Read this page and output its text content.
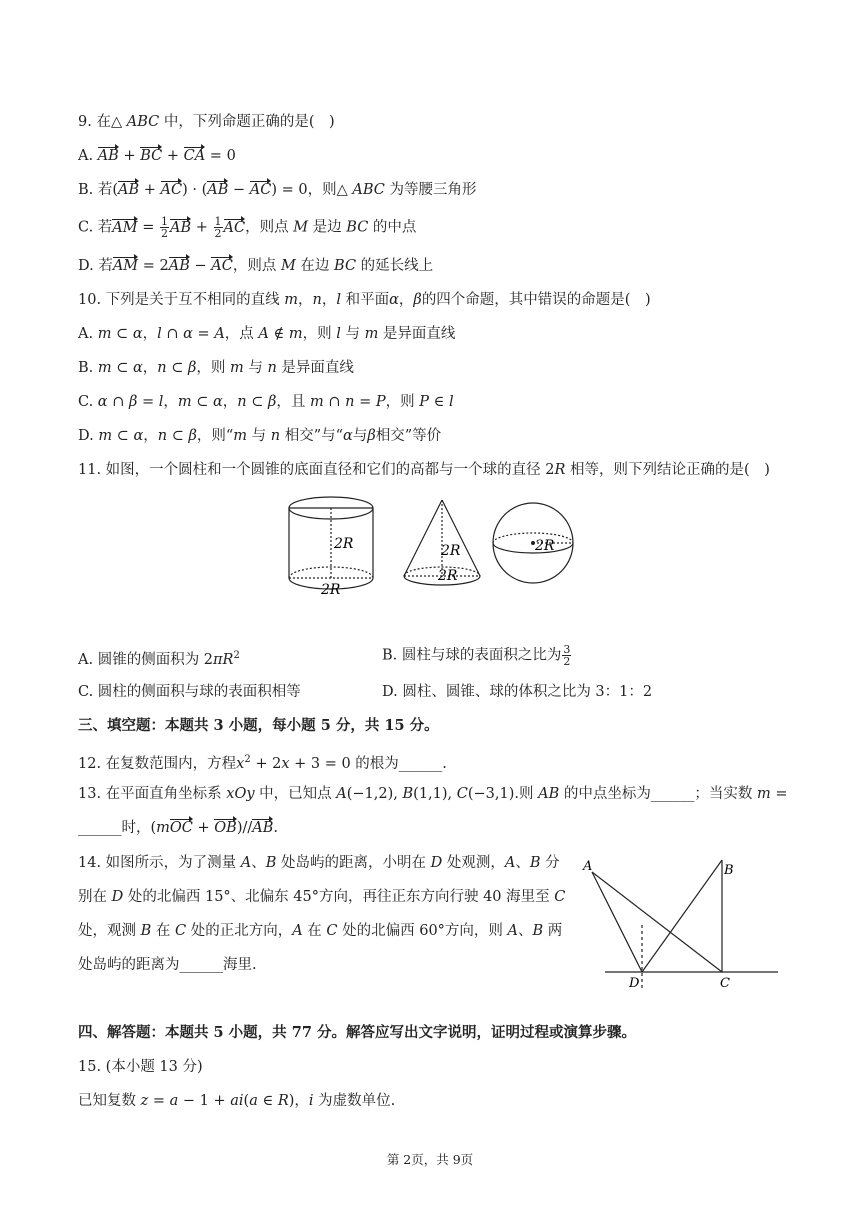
9. 在△ ABC 中，下列命题正确的是(　)
A. AB + BC + CA = 0
B. 若(AB + AC) · (AB − AC) = 0，则△ ABC 为等腰三角形
C. 若AM = $\frac{1}{2}$ AB + $\frac{1}{2}$ AC，则点 M 是边 BC 的中点
D. 若AM = 2AB − AC，则点 M 在边 BC 的延长线上
10. 下列是关于互不相同的直线 m，n，l 和平面α，β的四个命题，其中错误的命题是(　)
A. m ⊂ α，l ∩ α = A，点 A ∉ m，则 l 与 m 是异面直线
B. m ⊂ α，n ⊂ β，则 m 与 n 是异面直线
C. α ∩ β = l，m ⊂ α，n ⊂ β，且 m ∩ n = P，则 P ∈ l
D. m ⊂ α，n ⊂ β，则“m 与 n 相交”与“α与β相交”等价
11. 如图，一个圆柱和一个圆锥的底面直径和它们的高都与一个球的直径 2R 相等，则下列结论正确的是(　)
2R
2R
2R
2R
2R
A. 圆锥的侧面积为 $2\pi R^2$	B. 圆柱与球的表面积之比为 $\frac{3}{2}$
C. 圆柱的侧面积与球的表面积相等	D. 圆柱、圆锥、球的体积之比为 3：1：2
三、填空题：本题共 3 小题，每小题 5 分，共 15 分。
12. 在复数范围内，方程$x^2 + 2x + 3 = 0$ 的根为______.
13. 在平面直角坐标系 xOy 中，已知点 A(−1,2), B(1,1), C(−3,1).则 AB 的中点坐标为______；当实数 m =
______时，(mOC + OB)//AB.
14. 如图所示，为了测量 A、B 处岛屿的距离，小明在 D 处观测，A、B 分
别在 D 处的北偏西 15°、北偏东 45°方向，再往正东方向行驶 40 海里至 C
处，观测 B 在 C 处的正北方向，A 在 C 处的北偏西 60°方向，则 A、B 两
处岛屿的距离为______海里.
A	B
C
D
四、解答题：本题共 5 小题，共 77 分。解答应写出文字说明，证明过程或演算步骤。
15. (本小题 13 分)
已知复数 z = a − 1 + ai(a ∈ R)，i 为虚数单位.
第 2页，共 9页
